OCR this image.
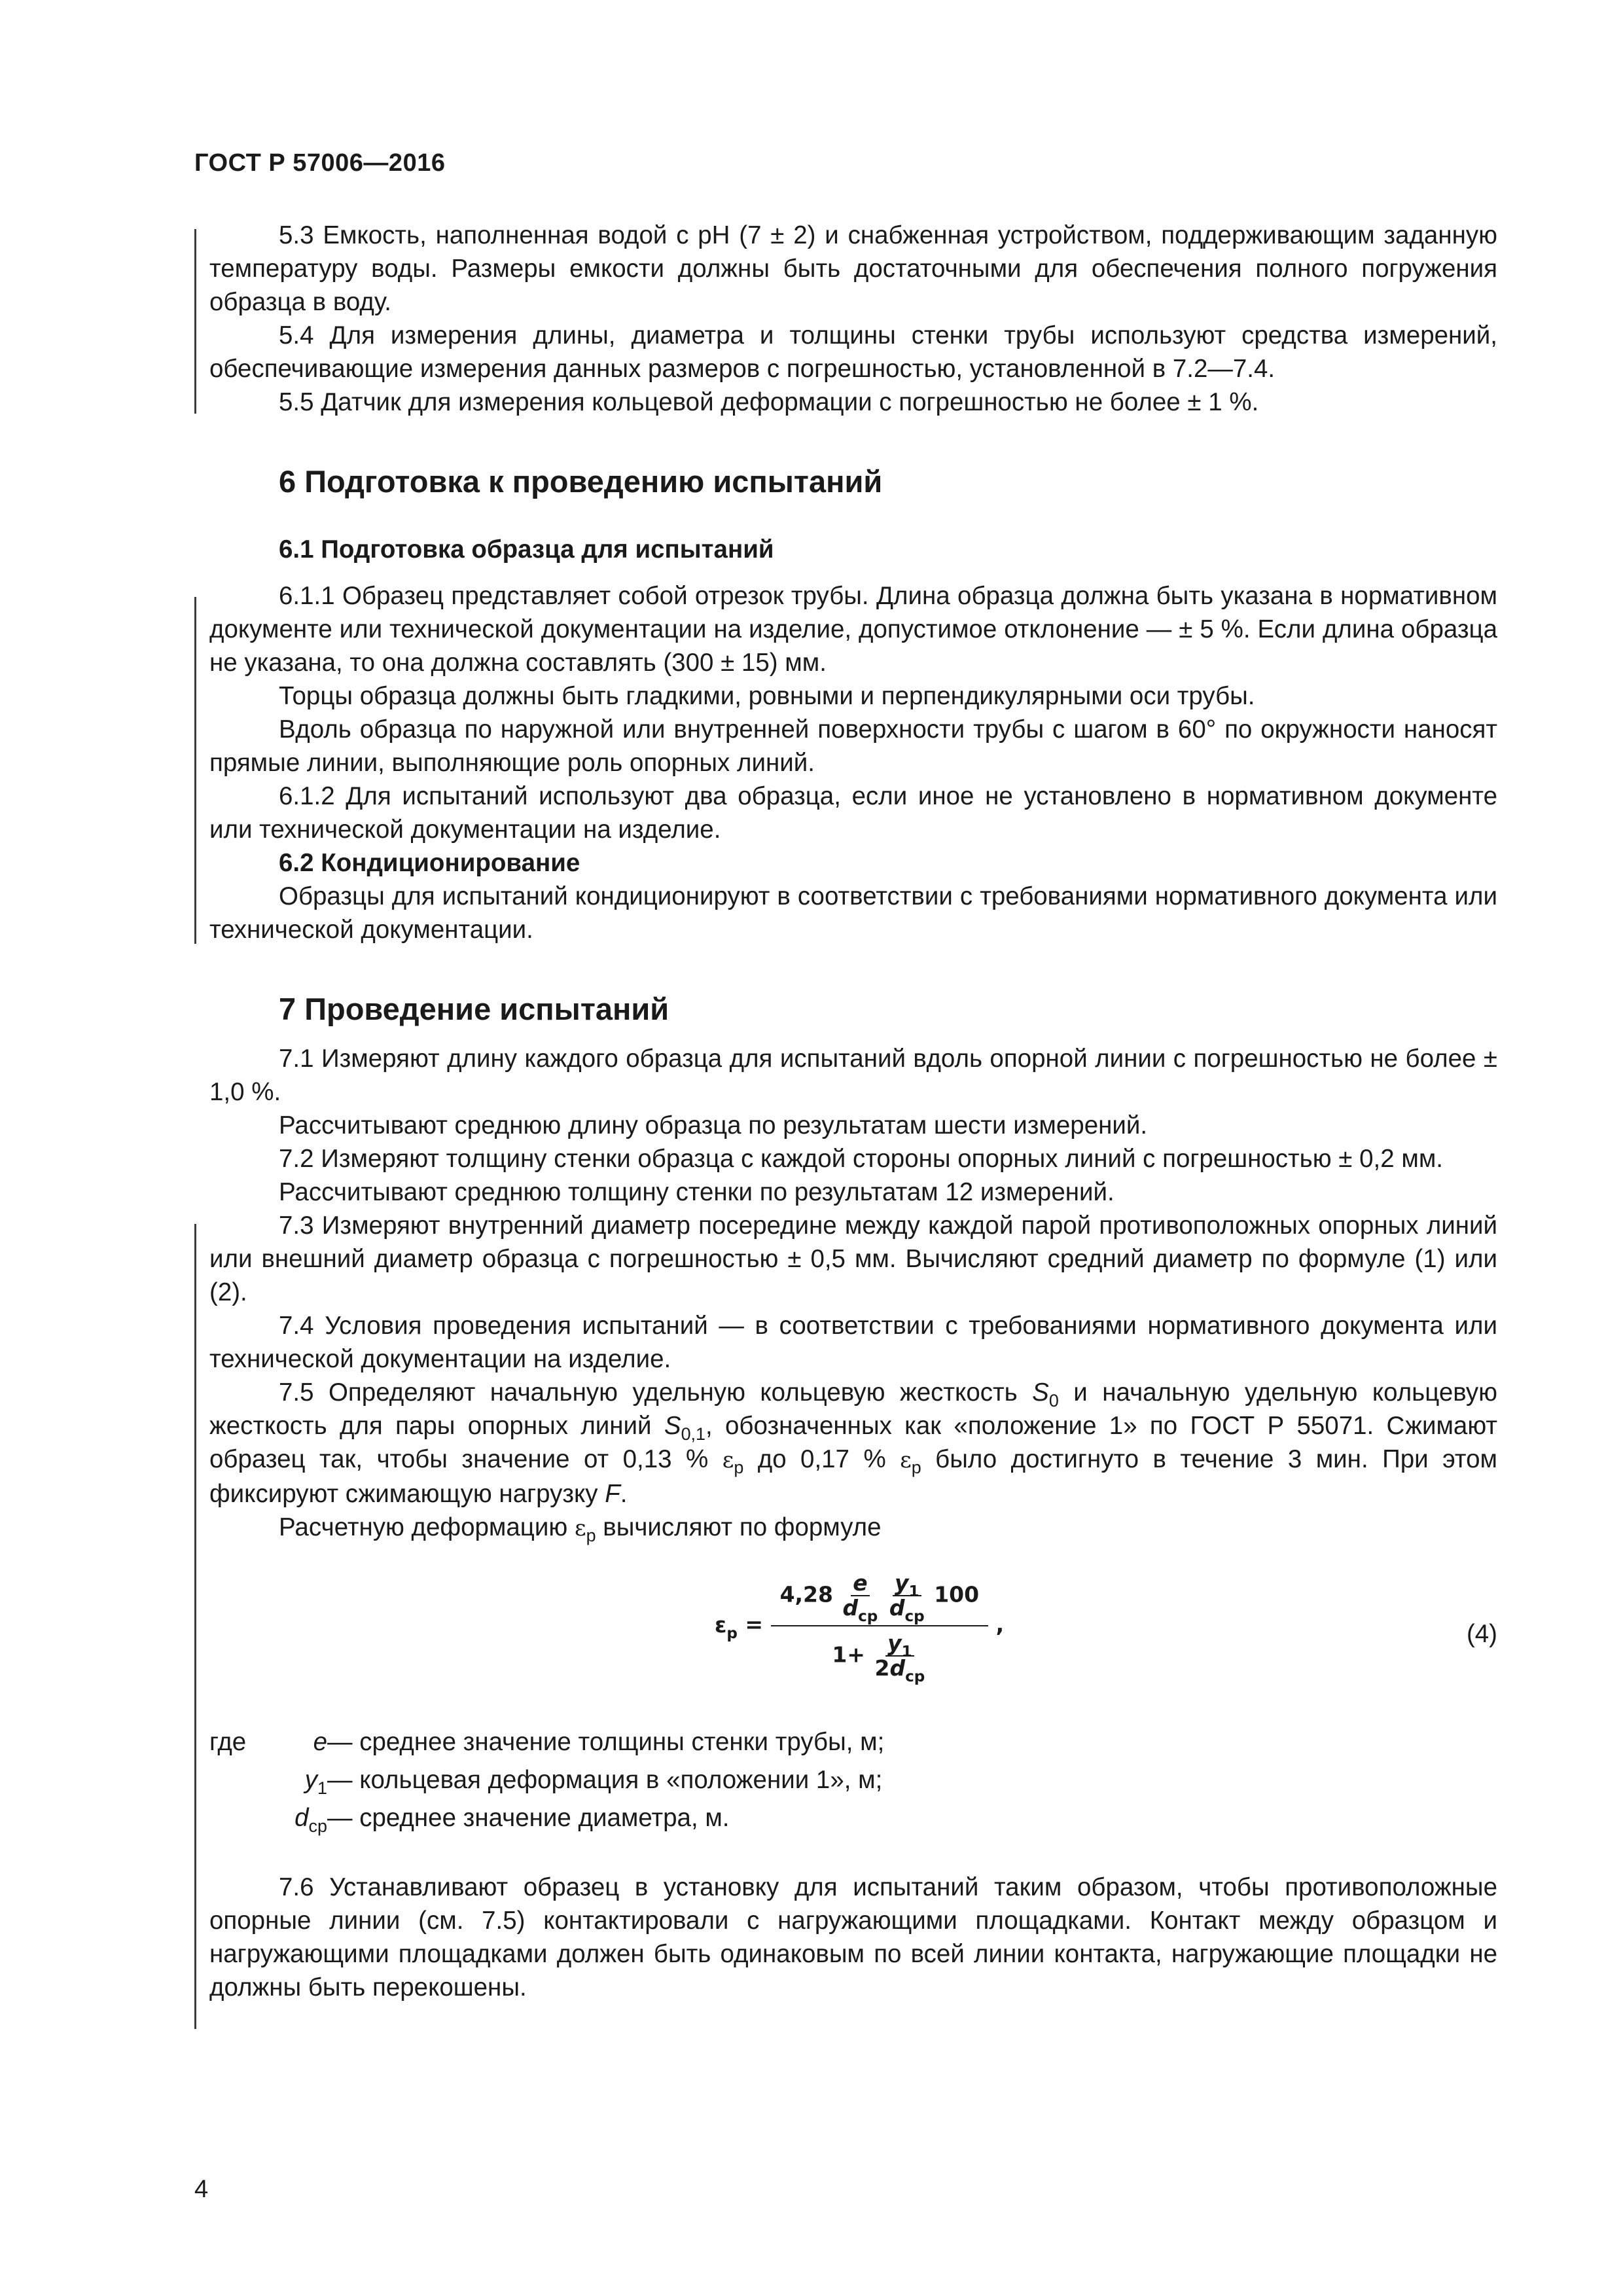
ГОСТ Р 57006—2016

5.3 Емкость, наполненная водой с pH (7 ± 2) и снабженная устройством, поддерживающим заданную температуру воды. Размеры емкости должны быть достаточными для обеспечения полного погружения образца в воду.

5.4 Для измерения длины, диаметра и толщины стенки трубы используют средства измерений, обеспечивающие измерения данных размеров с погрешностью, установленной в 7.2—7.4.

5.5 Датчик для измерения кольцевой деформации с погрешностью не более ± 1 %.

6 Подготовка к проведению испытаний

6.1 Подготовка образца для испытаний

6.1.1 Образец представляет собой отрезок трубы. Длина образца должна быть указана в нормативном документе или технической документации на изделие, допустимое отклонение — ± 5 %. Если длина образца не указана, то она должна составлять (300 ± 15) мм.

Торцы образца должны быть гладкими, ровными и перпендикулярными оси трубы.

Вдоль образца по наружной или внутренней поверхности трубы с шагом в 60° по окружности наносят прямые линии, выполняющие роль опорных линий.

6.1.2 Для испытаний используют два образца, если иное не установлено в нормативном документе или технической документации на изделие.

6.2 Кондиционирование

Образцы для испытаний кондиционируют в соответствии с требованиями нормативного документа или технической документации.

7 Проведение испытаний

7.1 Измеряют длину каждого образца для испытаний вдоль опорной линии с погрешностью не более ± 1,0 %.

Рассчитывают среднюю длину образца по результатам шести измерений.

7.2 Измеряют толщину стенки образца с каждой стороны опорных линий с погрешностью ± 0,2 мм.

Рассчитывают среднюю толщину стенки по результатам 12 измерений.

7.3 Измеряют внутренний диаметр посередине между каждой парой противоположных опорных линий или внешний диаметр образца с погрешностью ± 0,5 мм. Вычисляют средний диаметр по формуле (1) или (2).

7.4 Условия проведения испытаний — в соответствии с требованиями нормативного документа или технической документации на изделие.

7.5 Определяют начальную удельную кольцевую жесткость $S_0$ и начальную удельную кольцевую жесткость для пары опорных линий $S_{0,1}$, обозначенных как «положение 1» по ГОСТ Р 55071. Сжимают образец так, чтобы значение от 0,13 % $\varepsilon_р$ до 0,17 % $\varepsilon_р$ было достигнуто в течение 3 мин. При этом фиксируют сжимающую нагрузку F.

Расчетную деформацию $\varepsilon_р$ вычисляют по формуле

$\varepsilon_р = 4,28 \frac{e}{d_{ср}}$
$\frac{y_1}{d_{ср}} 100$
$1+ \frac{y_1}{2d_{ср}}$ ,	(4)
где	e — среднее значение толщины стенки трубы, м;
$y_1$ — кольцевая деформация в «положении 1», м;
$d_{ср}$ — среднее значение диаметра, м.

7.6 Устанавливают образец в установку для испытаний таким образом, чтобы противоположные опорные линии (см. 7.5) контактировали с нагружающими площадками. Контакт между образцом и нагружающими площадками должен быть одинаковым по всей линии контакта, нагружающие площадки не должны быть перекошены.

4
